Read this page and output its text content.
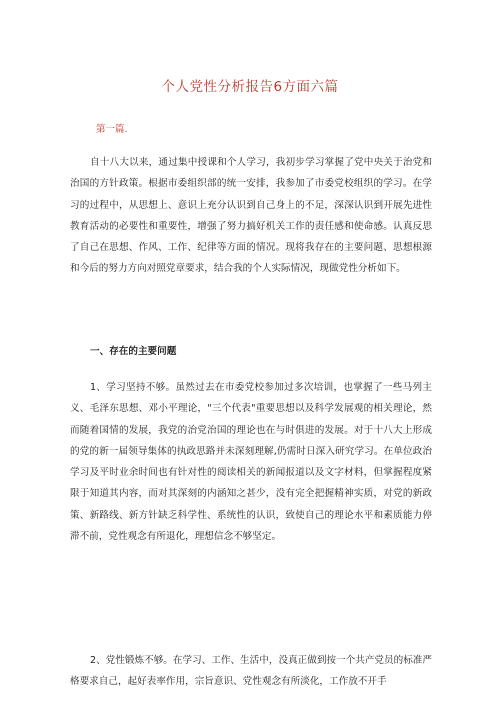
个人党性分析报告6方面六篇
第一篇.

自十八大以来，通过集中授课和个人学习，我初步学习掌握了党中央关于治党和治国的方针政策。根据市委组织部的统一安排，我参加了市委党校组织的学习。在学习的过程中，从思想上、意识上充分认识到自己身上的不足，深深认识到开展先进性教育活动的必要性和重要性，增强了努力搞好机关工作的责任感和使命感。认真反思了自己在思想、作风、工作、纪律等方面的情况。现将我存在的主要问题、思想根源和今后的努力方向对照党章要求，结合我的个人实际情况，现做党性分析如下。

一、存在的主要问题

1、学习坚持不够。虽然过去在市委党校参加过多次培训，也掌握了一些马列主义、毛泽东思想、邓小平理论，"三个代表"重要思想以及科学发展观的相关理论，然而随着国情的发展，我党的治党治国的理论也在与时俱进的发展。对于十八大上形成的党的新一届领导集体的执政思路并未深刻理解,仍需时日深入研究学习。在单位政治学习及平时业余时间也有针对性的阅读相关的新闻报道以及文字材料，但掌握程度紧限于知道其内容，而对其深刻的内涵知之甚少，没有完全把握精神实质，对党的新政策、新路线、新方针缺乏科学性、系统性的认识，致使自己的理论水平和素质能力停滞不前，党性观念有所退化，理想信念不够坚定。

2、党性锻炼不够。在学习、工作、生活中，没真正做到按一个共产党员的标准严格要求自己，起好表率作用，宗旨意识、党性观念有所淡化，工作放不开手
